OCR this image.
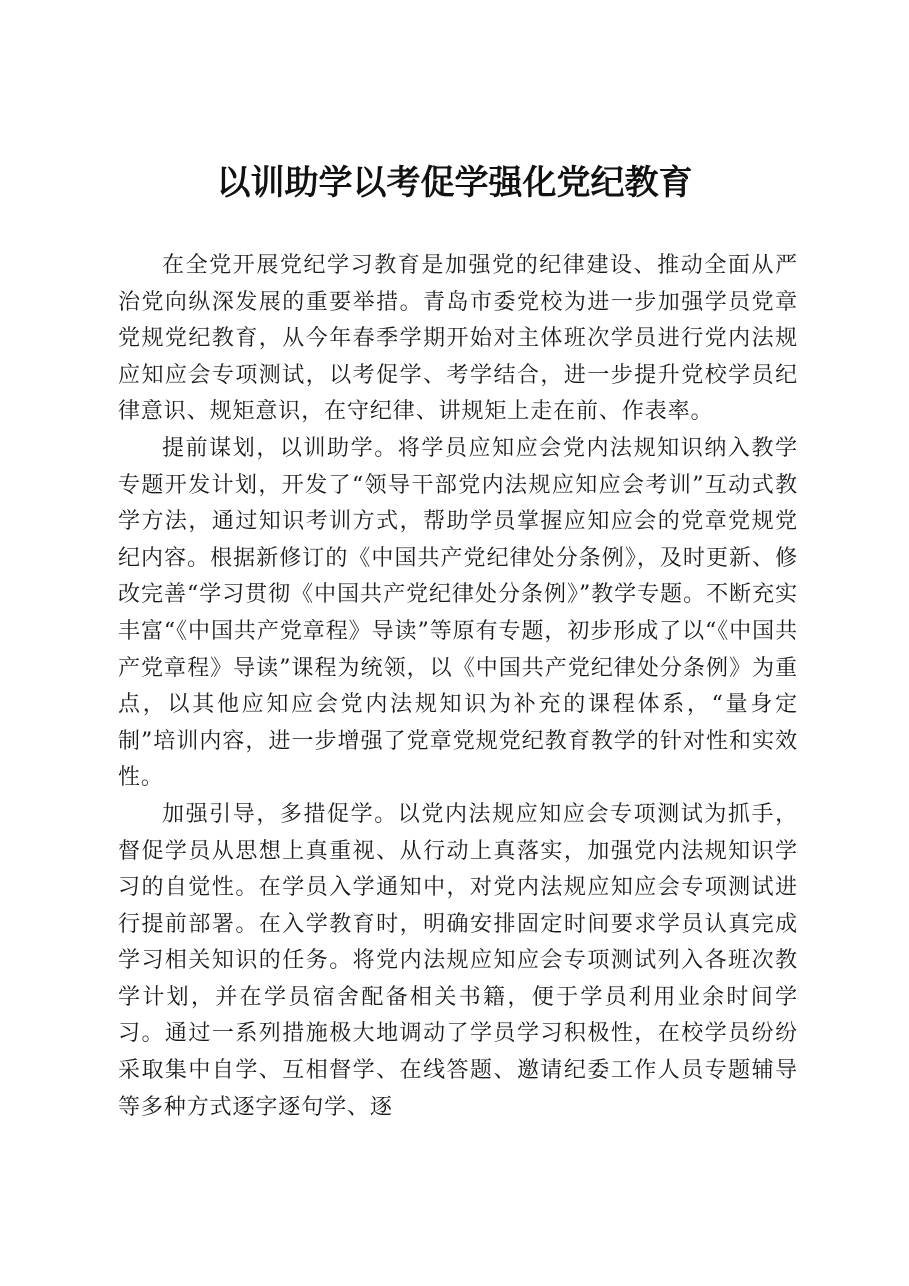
以训助学以考促学强化党纪教育

在全党开展党纪学习教育是加强党的纪律建设、推动全面从严治党向纵深发展的重要举措。青岛市委党校为进一步加强学员党章党规党纪教育，从今年春季学期开始对主体班次学员进行党内法规应知应会专项测试，以考促学、考学结合，进一步提升党校学员纪律意识、规矩意识，在守纪律、讲规矩上走在前、作表率。

提前谋划，以训助学。将学员应知应会党内法规知识纳入教学专题开发计划，开发了“领导干部党内法规应知应会考训”互动式教学方法，通过知识考训方式，帮助学员掌握应知应会的党章党规党纪内容。根据新修订的《中国共产党纪律处分条例》，及时更新、修改完善“学习贯彻《中国共产党纪律处分条例》”教学专题。不断充实丰富“《中国共产党章程》导读”等原有专题，初步形成了以“《中国共产党章程》导读”课程为统领，以《中国共产党纪律处分条例》为重点，以其他应知应会党内法规知识为补充的课程体系，“量身定制”培训内容，进一步增强了党章党规党纪教育教学的针对性和实效性。

加强引导，多措促学。以党内法规应知应会专项测试为抓手，督促学员从思想上真重视、从行动上真落实，加强党内法规知识学习的自觉性。在学员入学通知中，对党内法规应知应会专项测试进行提前部署。在入学教育时，明确安排固定时间要求学员认真完成学习相关知识的任务。将党内法规应知应会专项测试列入各班次教学计划，并在学员宿舍配备相关书籍，便于学员利用业余时间学习。通过一系列措施极大地调动了学员学习积极性，在校学员纷纷采取集中自学、互相督学、在线答题、邀请纪委工作人员专题辅导等多种方式逐字逐句学、逐
